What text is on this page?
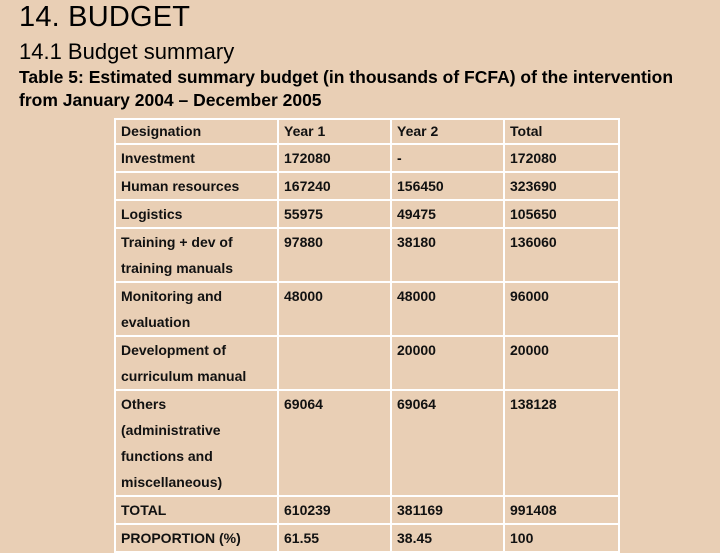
14. BUDGET
14.1 Budget summary
Table 5: Estimated summary budget (in thousands of FCFA) of the intervention from January 2004 – December 2005
Designation	Year 1	Year 2	Total

Investment	172080	-	172080

Human resources	167240	156450	323690

Logistics	55975	49475	105650

Training + dev of
training manuals	97880	38180	136060

Monitoring and
evaluation	48000	48000	96000

Development of
curriculum manual		20000	20000

Others
(administrative
functions and
miscellaneous)	69064	69064	138128

TOTAL	610239	381169	991408

PROPORTION (%)	61.55	38.45	100
